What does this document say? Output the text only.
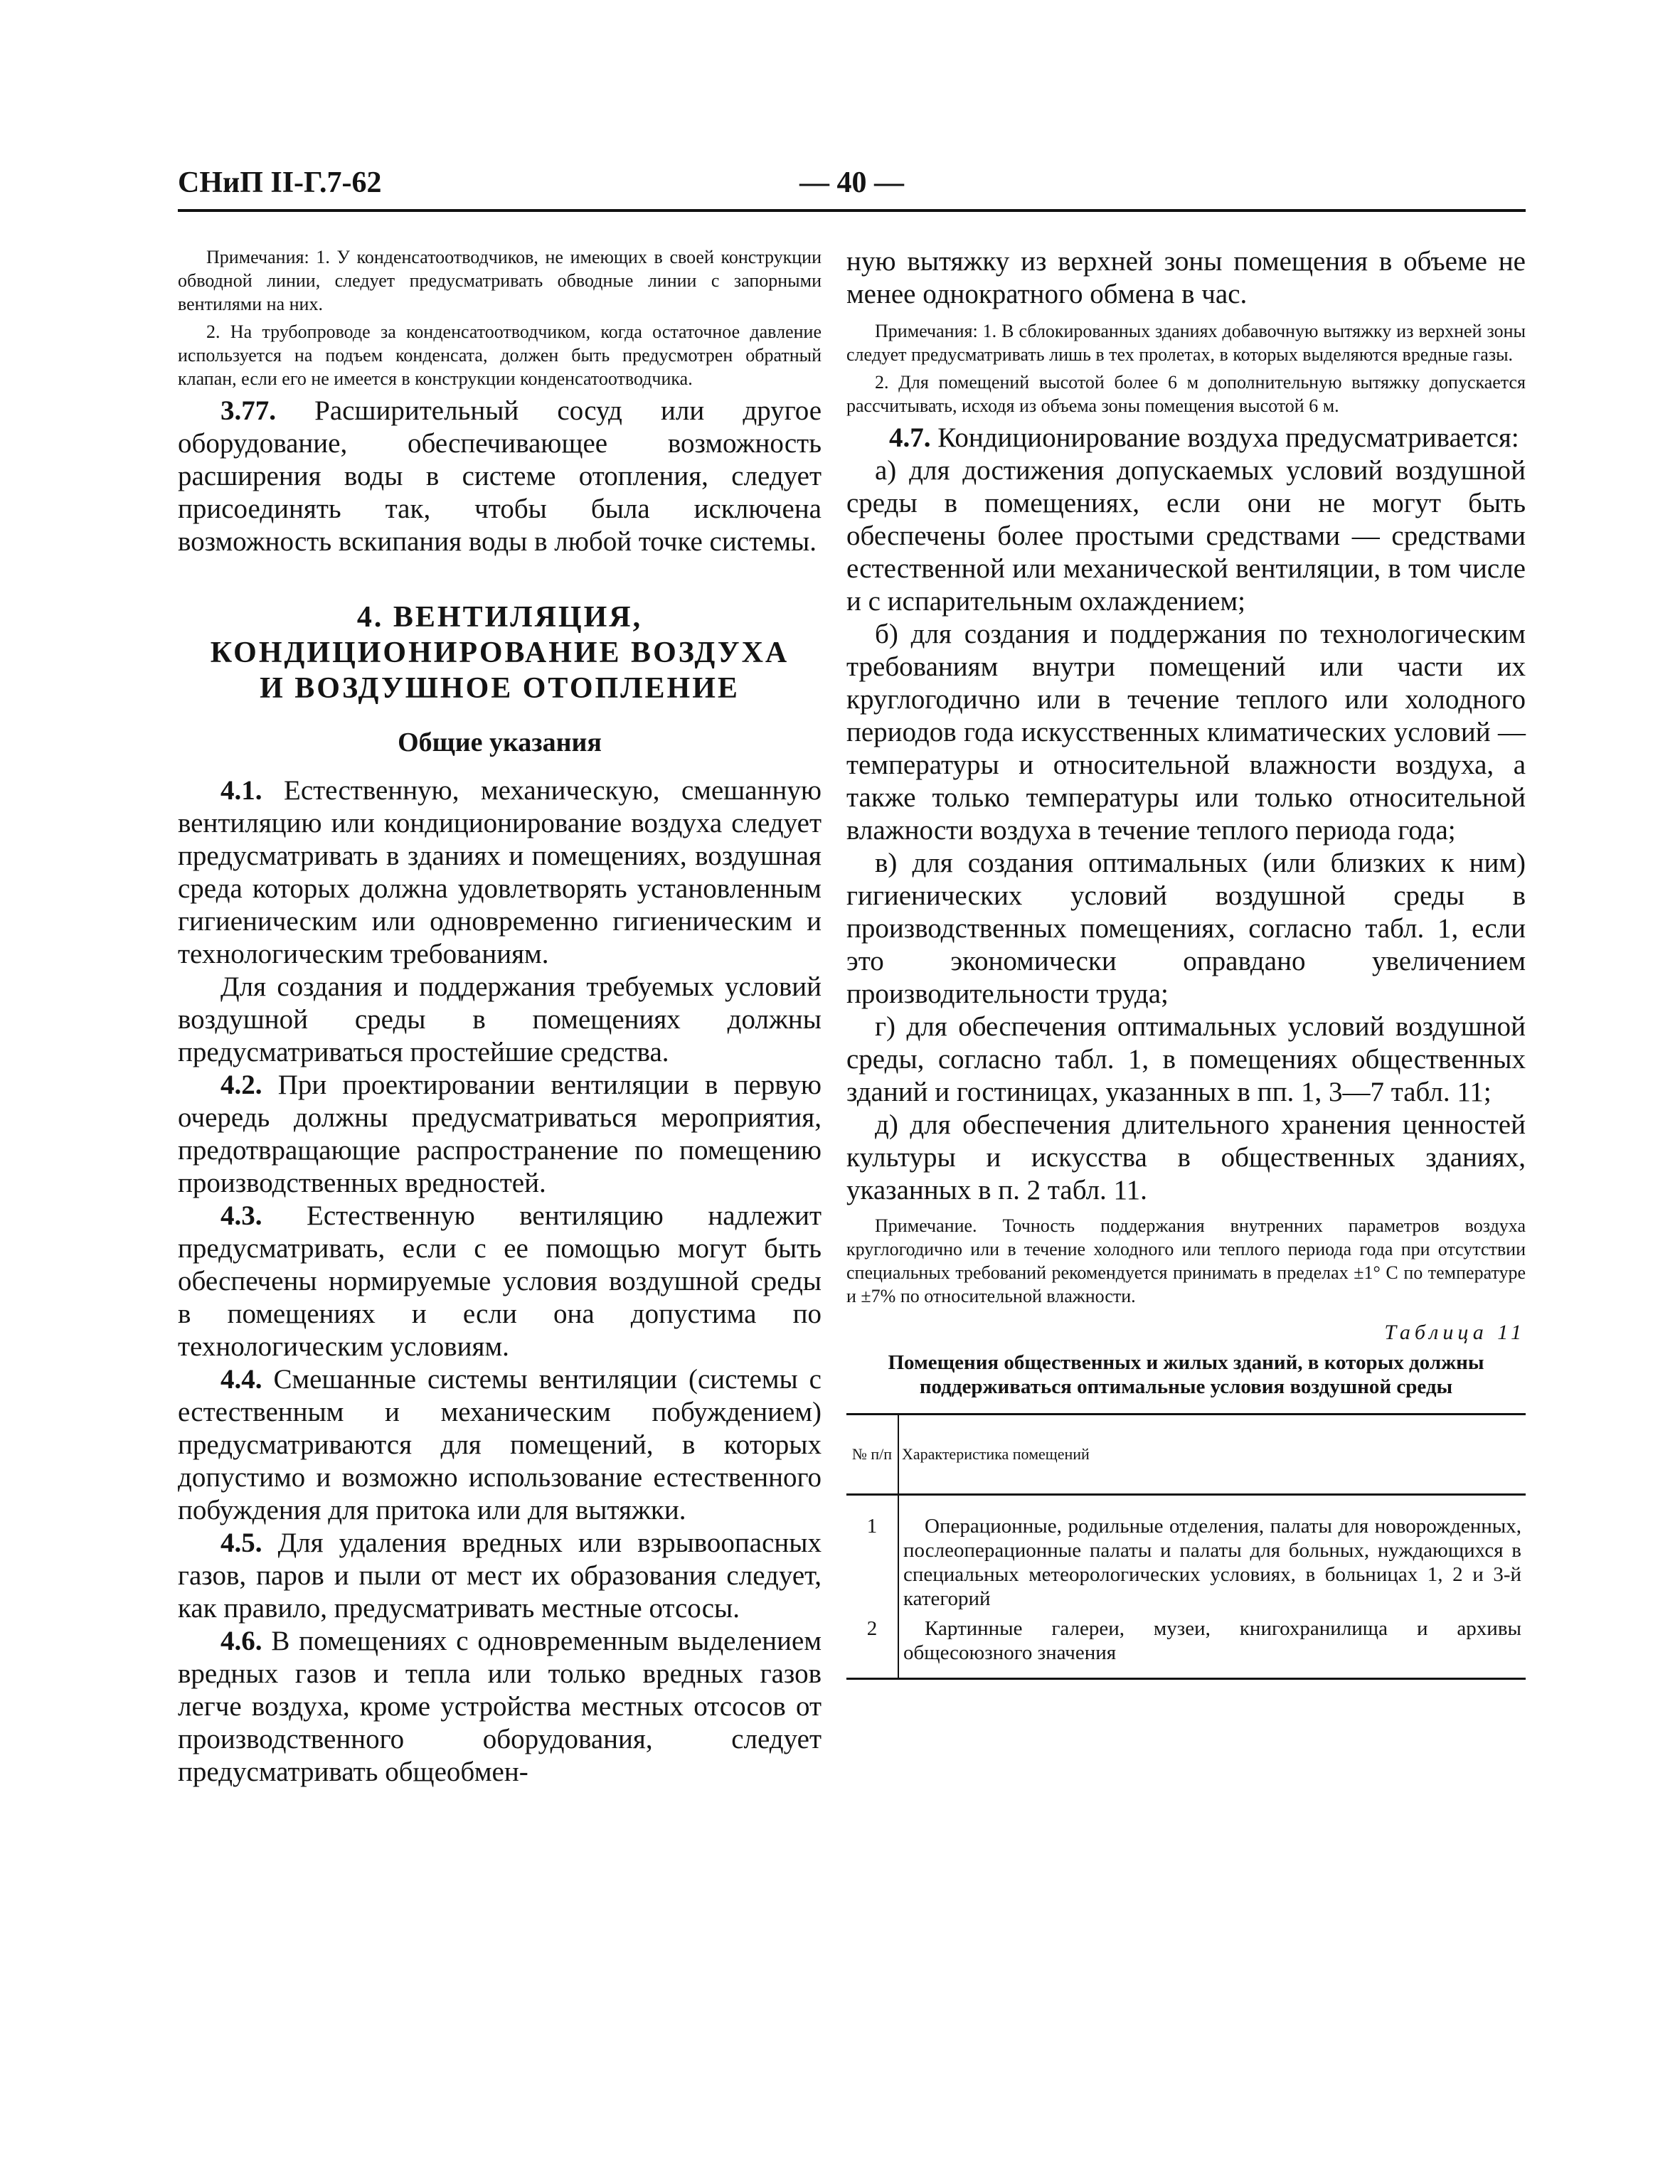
— 40 —
СНиП II-Г.7-62

Примечания: 1. У конденсатоотводчиков, не имеющих в своей конструкции обводной линии, следует предусматривать обводные линии с запорными вентилями на них.

2. На трубопроводе за конденсатоотводчиком, когда остаточное давление используется на подъем конденсата, должен быть предусмотрен обратный клапан, если его не имеется в конструкции конденсатоотводчика.

3.77. Расширительный сосуд или другое оборудование, обеспечивающее возможность расширения воды в системе отопления, следует присоединять так, чтобы была исключена возможность вскипания воды в любой точке системы.

4. ВЕНТИЛЯЦИЯ,
КОНДИЦИОНИРОВАНИЕ ВОЗДУХА
И ВОЗДУШНОЕ ОТОПЛЕНИЕ
Общие указания

4.1. Естественную, механическую, смешанную вентиляцию или кондиционирование воздуха следует предусматривать в зданиях и помещениях, воздушная среда которых должна удовлетворять установленным гигиеническим или одновременно гигиеническим и технологическим требованиям.

Для создания и поддержания требуемых условий воздушной среды в помещениях должны предусматриваться простейшие средства.

4.2. При проектировании вентиляции в первую очередь должны предусматриваться мероприятия, предотвращающие распространение по помещению производственных вредностей.

4.3. Естественную вентиляцию надлежит предусматривать, если с ее помощью могут быть обеспечены нормируемые условия воздушной среды в помещениях и если она допустима по технологическим условиям.

4.4. Смешанные системы вентиляции (системы с естественным и механическим побуждением) предусматриваются для помещений, в которых допустимо и возможно использование естественного побуждения для притока или для вытяжки.

4.5. Для удаления вредных или взрывоопасных газов, паров и пыли от мест их образования следует, как правило, предусматривать местные отсосы.

4.6. В помещениях с одновременным выделением вредных газов и тепла или только вредных газов легче воздуха, кроме устройства местных отсосов от производственного оборудования, следует предусматривать общеобмен-

ную вытяжку из верхней зоны помещения в объеме не менее однократного обмена в час.

Примечания: 1. В сблокированных зданиях добавочную вытяжку из верхней зоны следует предусматривать лишь в тех пролетах, в которых выделяются вредные газы.

2. Для помещений высотой более 6 м дополнительную вытяжку допускается рассчитывать, исходя из объема зоны помещения высотой 6 м.

4.7. Кондиционирование воздуха предусматривается:

а) для достижения допускаемых условий воздушной среды в помещениях, если они не могут быть обеспечены более простыми средствами — средствами естественной или механической вентиляции, в том числе и с испарительным охлаждением;

б) для создания и поддержания по технологическим требованиям внутри помещений или части их круглогодично или в течение теплого или холодного периодов года искусственных климатических условий — температуры и относительной влажности воздуха, а также только температуры или только относительной влажности воздуха в течение теплого периода года;

в) для создания оптимальных (или близких к ним) гигиенических условий воздушной среды в производственных помещениях, согласно табл. 1, если это экономически оправдано увеличением производительности труда;

г) для обеспечения оптимальных условий воздушной среды, согласно табл. 1, в помещениях общественных зданий и гостиницах, указанных в пп. 1, 3—7 табл. 11;

д) для обеспечения длительного хранения ценностей культуры и искусства в общественных зданиях, указанных в п. 2 табл. 11.

Примечание. Точность поддержания внутренних параметров воздуха круглогодично или в течение холодного или теплого периода года при отсутствии специальных требований рекомендуется принимать в пределах ±1° С по температуре и ±7% по относительной влажности.

Таблица 11
Помещения общественных и жилых зданий, в которых должны поддерживаться оптимальные условия воздушной среды
№ п/п	Характеристика помещений
1	Операционные, родильные отделения, палаты для новорожденных, послеоперационные палаты и палаты для больных, нуждающихся в специальных метеорологических условиях, в больницах 1, 2 и 3-й категорий
2	Картинные галереи, музеи, книгохранилища и архивы общесоюзного значения
